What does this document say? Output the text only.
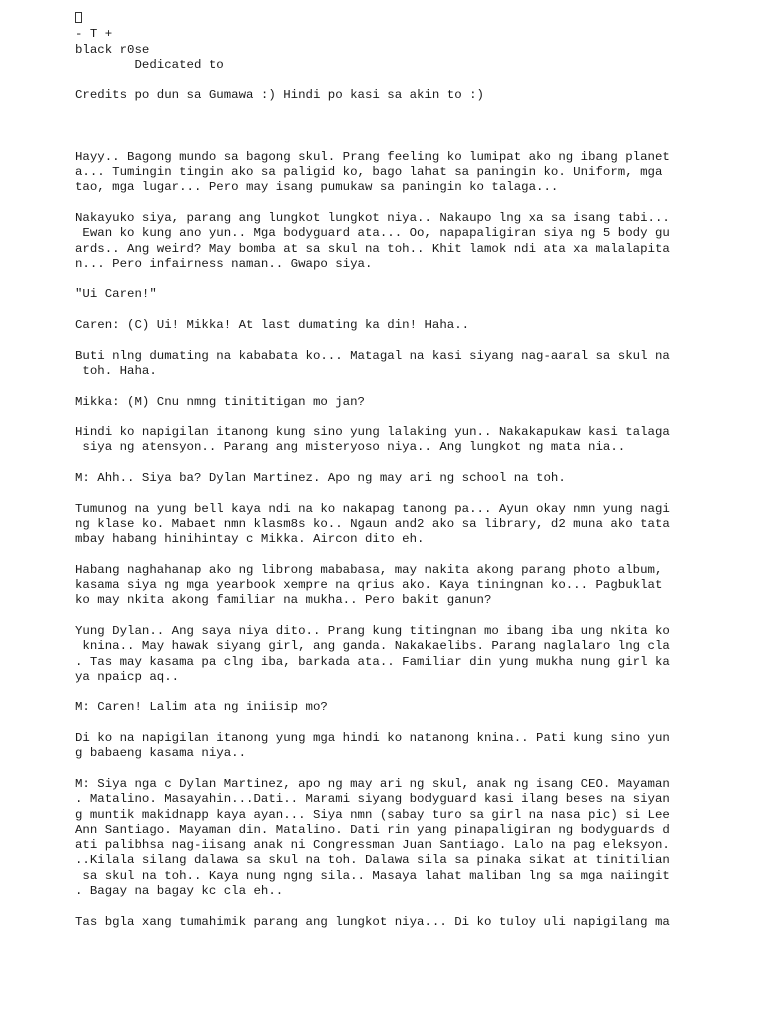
- T +
black r0se
Dedicated to
Credits po dun sa Gumawa :) Hindi po kasi sa akin to :)
Hayy.. Bagong mundo sa bagong skul. Prang feeling ko lumipat ako ng ibang planet
a... Tumingin tingin ako sa paligid ko, bago lahat sa paningin ko. Uniform, mga
tao, mga lugar... Pero may isang pumukaw sa paningin ko talaga...
Nakayuko siya, parang ang lungkot lungkot niya.. Nakaupo lng xa sa isang tabi...
Ewan ko kung ano yun.. Mga bodyguard ata... Oo, napapaligiran siya ng 5 body gu
ards.. Ang weird? May bomba at sa skul na toh.. Khit lamok ndi ata xa malalapita
n... Pero infairness naman.. Gwapo siya.
"Ui Caren!"
Caren: (C) Ui! Mikka! At last dumating ka din! Haha..
Buti nlng dumating na kababata ko... Matagal na kasi siyang nag-aaral sa skul na
toh. Haha.
Mikka: (M) Cnu nmng tinititigan mo jan?
Hindi ko napigilan itanong kung sino yung lalaking yun.. Nakakapukaw kasi talaga
siya ng atensyon.. Parang ang misteryoso niya.. Ang lungkot ng mata nia..
M: Ahh.. Siya ba? Dylan Martinez. Apo ng may ari ng school na toh.
Tumunog na yung bell kaya ndi na ko nakapag tanong pa... Ayun okay nmn yung nagi
ng klase ko. Mabaet nmn klasm8s ko.. Ngaun and2 ako sa library, d2 muna ako tata
mbay habang hinihintay c Mikka. Aircon dito eh.
Habang naghahanap ako ng librong mababasa, may nakita akong parang photo album,
kasama siya ng mga yearbook xempre na qrius ako. Kaya tiningnan ko... Pagbuklat
ko may nkita akong familiar na mukha.. Pero bakit ganun?
Yung Dylan.. Ang saya niya dito.. Prang kung titingnan mo ibang iba ung nkita ko
knina.. May hawak siyang girl, ang ganda. Nakakaelibs. Parang naglalaro lng cla
. Tas may kasama pa clng iba, barkada ata.. Familiar din yung mukha nung girl ka
ya npaicp aq..
M: Caren! Lalim ata ng iniisip mo?
Di ko na napigilan itanong yung mga hindi ko natanong knina.. Pati kung sino yun
g babaeng kasama niya..
M: Siya nga c Dylan Martinez, apo ng may ari ng skul, anak ng isang CEO. Mayaman
. Matalino. Masayahin...Dati.. Marami siyang bodyguard kasi ilang beses na siyan
g muntik makidnapp kaya ayan... Siya nmn (sabay turo sa girl na nasa pic) si Lee
Ann Santiago. Mayaman din. Matalino. Dati rin yang pinapaligiran ng bodyguards d
ati palibhsa nag-iisang anak ni Congressman Juan Santiago. Lalo na pag eleksyon.
..Kilala silang dalawa sa skul na toh. Dalawa sila sa pinaka sikat at tinitilian
sa skul na toh.. Kaya nung ngng sila.. Masaya lahat maliban lng sa mga naiingit
. Bagay na bagay kc cla eh..
Tas bgla xang tumahimik parang ang lungkot niya... Di ko tuloy uli napigilang ma
